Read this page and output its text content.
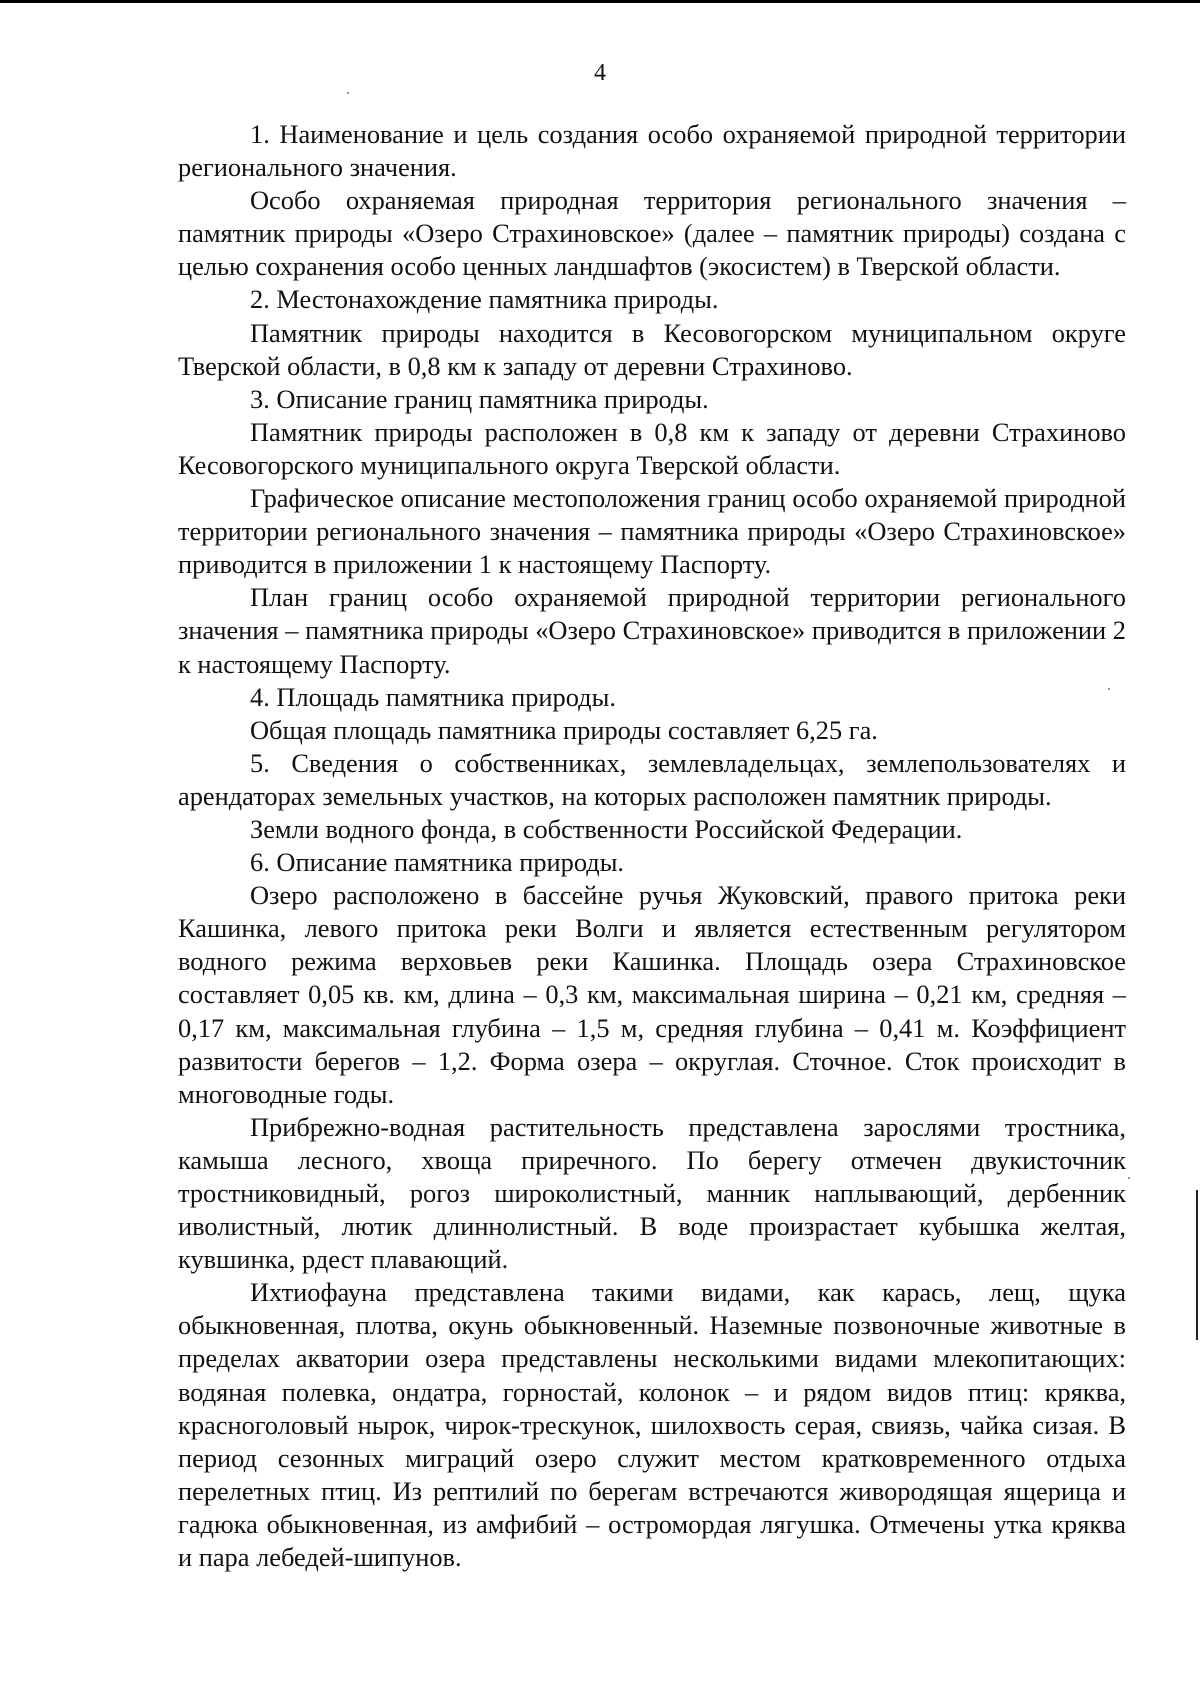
4

1. Наименование и цель создания особо охраняемой природной территории регионального значения.

Особо охраняемая природная территория регионального значения – памятник природы «Озеро Страхиновское» (далее – памятник природы) создана с целью сохранения особо ценных ландшафтов (экосистем) в Тверской области.

2. Местонахождение памятника природы.

Памятник природы находится в Кесовогорском муниципальном округе Тверской области, в 0,8 км к западу от деревни Страхиново.

3. Описание границ памятника природы.

Памятник природы расположен в 0,8 км к западу от деревни Страхиново Кесовогорского муниципального округа Тверской области.

Графическое описание местоположения границ особо охраняемой природной территории регионального значения – памятника природы «Озеро Страхиновское» приводится в приложении 1 к настоящему Паспорту.

План границ особо охраняемой природной территории регионального значения – памятника природы «Озеро Страхиновское» приводится в приложении 2 к настоящему Паспорту.

4. Площадь памятника природы.

Общая площадь памятника природы составляет 6,25 га.

5. Сведения о собственниках, землевладельцах, землепользователях и арендаторах земельных участков, на которых расположен памятник природы.

Земли водного фонда, в собственности Российской Федерации.

6. Описание памятника природы.

Озеро расположено в бассейне ручья Жуковский, правого притока реки Кашинка, левого притока реки Волги и является естественным регулятором водного режима верховьев реки Кашинка. Площадь озера Страхиновское составляет 0,05 кв. км, длина – 0,3 км, максимальная ширина – 0,21 км, средняя – 0,17 км, максимальная глубина – 1,5 м, средняя глубина – 0,41 м. Коэффициент развитости берегов – 1,2. Форма озера – округлая. Сточное. Сток происходит в многоводные годы.

Прибрежно-водная растительность представлена зарослями тростника, камыша лесного, хвоща приречного. По берегу отмечен двукисточник тростниковидный, рогоз широколистный, манник наплывающий, дербенник иволистный, лютик длиннолистный. В воде произрастает кубышка желтая, кувшинка, рдест плавающий.

Ихтиофауна представлена такими видами, как карась, лещ, щука обыкновенная, плотва, окунь обыкновенный. Наземные позвоночные животные в пределах акватории озера представлены несколькими видами млекопитающих: водяная полевка, ондатра, горностай, колонок – и рядом видов птиц: кряква, красноголовый нырок, чирок-трескунок, шилохвость серая, свиязь, чайка сизая. В период сезонных миграций озеро служит местом кратковременного отдыха перелетных птиц. Из рептилий по берегам встречаются живородящая ящерица и гадюка обыкновенная, из амфибий – остромордая лягушка. Отмечены утка кряква и пара лебедей-шипунов.
